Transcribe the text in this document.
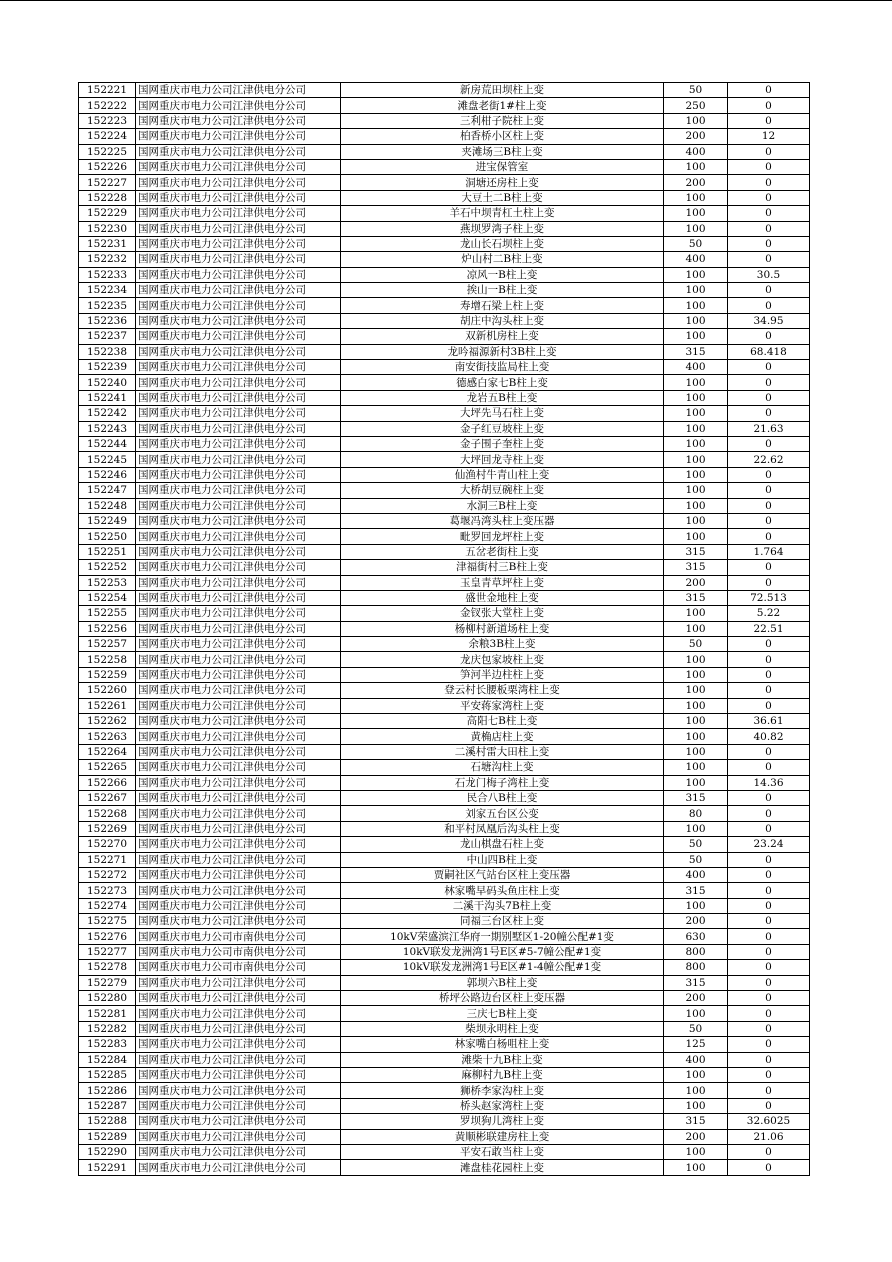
152221	国网重庆市电力公司江津供电分公司	新房荒田坝柱上变	50	0
152222	国网重庆市电力公司江津供电分公司	滩盘老街1#柱上变	250	0
152223	国网重庆市电力公司江津供电分公司	三利柑子院柱上变	100	0
152224	国网重庆市电力公司江津供电分公司	柏香桥小区柱上变	200	12
152225	国网重庆市电力公司江津供电分公司	夹滩场三B柱上变	400	0
152226	国网重庆市电力公司江津供电分公司	进宝保管室	100	0
152227	国网重庆市电力公司江津供电分公司	洞塘还房柱上变	200	0
152228	国网重庆市电力公司江津供电分公司	大豆土二B柱上变	100	0
152229	国网重庆市电力公司江津供电分公司	羊石中坝青杠土柱上变	100	0
152230	国网重庆市电力公司江津供电分公司	燕坝罗湾子柱上变	100	0
152231	国网重庆市电力公司江津供电分公司	龙山长石坝柱上变	50	0
152232	国网重庆市电力公司江津供电分公司	炉山村二B柱上变	400	0
152233	国网重庆市电力公司江津供电分公司	凉风一B柱上变	100	30.5
152234	国网重庆市电力公司江津供电分公司	挨山一B柱上变	100	0
152235	国网重庆市电力公司江津供电分公司	寿增石梁上柱上变	100	0
152236	国网重庆市电力公司江津供电分公司	胡庄中沟头柱上变	100	34.95
152237	国网重庆市电力公司江津供电分公司	双新机房柱上变	100	0
152238	国网重庆市电力公司江津供电分公司	龙吟福源新村3B柱上变	315	68.418
152239	国网重庆市电力公司江津供电分公司	南安街技监局柱上变	400	0
152240	国网重庆市电力公司江津供电分公司	德感白家七B柱上变	100	0
152241	国网重庆市电力公司江津供电分公司	龙岩五B柱上变	100	0
152242	国网重庆市电力公司江津供电分公司	大坪先马石柱上变	100	0
152243	国网重庆市电力公司江津供电分公司	金子红豆坡柱上变	100	21.63
152244	国网重庆市电力公司江津供电分公司	金子围子奎柱上变	100	0
152245	国网重庆市电力公司江津供电分公司	大坪回龙寺柱上变	100	22.62
152246	国网重庆市电力公司江津供电分公司	仙渔村牛青山柱上变	100	0
152247	国网重庆市电力公司江津供电分公司	大桥胡豆碗柱上变	100	0
152248	国网重庆市电力公司江津供电分公司	水洞三B柱上变	100	0
152249	国网重庆市电力公司江津供电分公司	葛堰冯湾头柱上变压器	100	0
152250	国网重庆市电力公司江津供电分公司	毗罗回龙坪柱上变	100	0
152251	国网重庆市电力公司江津供电分公司	五岔老街柱上变	315	1.764
152252	国网重庆市电力公司江津供电分公司	津福街村三B柱上变	315	0
152253	国网重庆市电力公司江津供电分公司	玉皇青草坪柱上变	200	0
152254	国网重庆市电力公司江津供电分公司	盛世金地柱上变	315	72.513
152255	国网重庆市电力公司江津供电分公司	金钗张大堂柱上变	100	5.22
152256	国网重庆市电力公司江津供电分公司	杨柳村新道场柱上变	100	22.51
152257	国网重庆市电力公司江津供电分公司	余粮3B柱上变	50	0
152258	国网重庆市电力公司江津供电分公司	龙庆包家坡柱上变	100	0
152259	国网重庆市电力公司江津供电分公司	笋河半边柱柱上变	100	0
152260	国网重庆市电力公司江津供电分公司	登云村长腰板栗湾柱上变	100	0
152261	国网重庆市电力公司江津供电分公司	平安蒋家湾柱上变	100	0
152262	国网重庆市电力公司江津供电分公司	高阳七B柱上变	100	36.61
152263	国网重庆市电力公司江津供电分公司	黄桷店柱上变	100	40.82
152264	国网重庆市电力公司江津供电分公司	二溪村雷大田柱上变	100	0
152265	国网重庆市电力公司江津供电分公司	石塘沟柱上变	100	0
152266	国网重庆市电力公司江津供电分公司	石龙门梅子湾柱上变	100	14.36
152267	国网重庆市电力公司江津供电分公司	民合八B柱上变	315	0
152268	国网重庆市电力公司江津供电分公司	刘家五台区公变	80	0
152269	国网重庆市电力公司江津供电分公司	和平村凤凰后沟头柱上变	100	0
152270	国网重庆市电力公司江津供电分公司	龙山棋盘石柱上变	50	23.24
152271	国网重庆市电力公司江津供电分公司	中山四B柱上变	50	0
152272	国网重庆市电力公司江津供电分公司	贾嗣社区气站台区柱上变压器	400	0
152273	国网重庆市电力公司江津供电分公司	林家嘴早码头鱼庄柱上变	315	0
152274	国网重庆市电力公司江津供电分公司	二溪干沟头7B柱上变	100	0
152275	国网重庆市电力公司江津供电分公司	同福三台区柱上变	200	0
152276	国网重庆市电力公司市南供电分公司	10kV荣盛滨江华府一期别墅区1-20幢公配#1变	630	0
152277	国网重庆市电力公司市南供电分公司	10kV联发龙洲湾1号E区#5-7幢公配#1变	800	0
152278	国网重庆市电力公司市南供电分公司	10kV联发龙洲湾1号E区#1-4幢公配#1变	800	0
152279	国网重庆市电力公司江津供电分公司	郭坝六B柱上变	315	0
152280	国网重庆市电力公司江津供电分公司	桥坪公路边台区柱上变压器	200	0
152281	国网重庆市电力公司江津供电分公司	三庆七B柱上变	100	0
152282	国网重庆市电力公司江津供电分公司	柴坝永明柱上变	50	0
152283	国网重庆市电力公司江津供电分公司	林家嘴白杨咀柱上变	125	0
152284	国网重庆市电力公司江津供电分公司	滩柴十九B柱上变	400	0
152285	国网重庆市电力公司江津供电分公司	麻柳村九B柱上变	100	0
152286	国网重庆市电力公司江津供电分公司	狮桥李家沟柱上变	100	0
152287	国网重庆市电力公司江津供电分公司	桥头赵家湾柱上变	100	0
152288	国网重庆市电力公司江津供电分公司	罗坝狗儿湾柱上变	315	32.6025
152289	国网重庆市电力公司江津供电分公司	黄顺彬联建房柱上变	200	21.06
152290	国网重庆市电力公司江津供电分公司	平安石敢当柱上变	100	0
152291	国网重庆市电力公司江津供电分公司	滩盘桂花园柱上变	100	0
